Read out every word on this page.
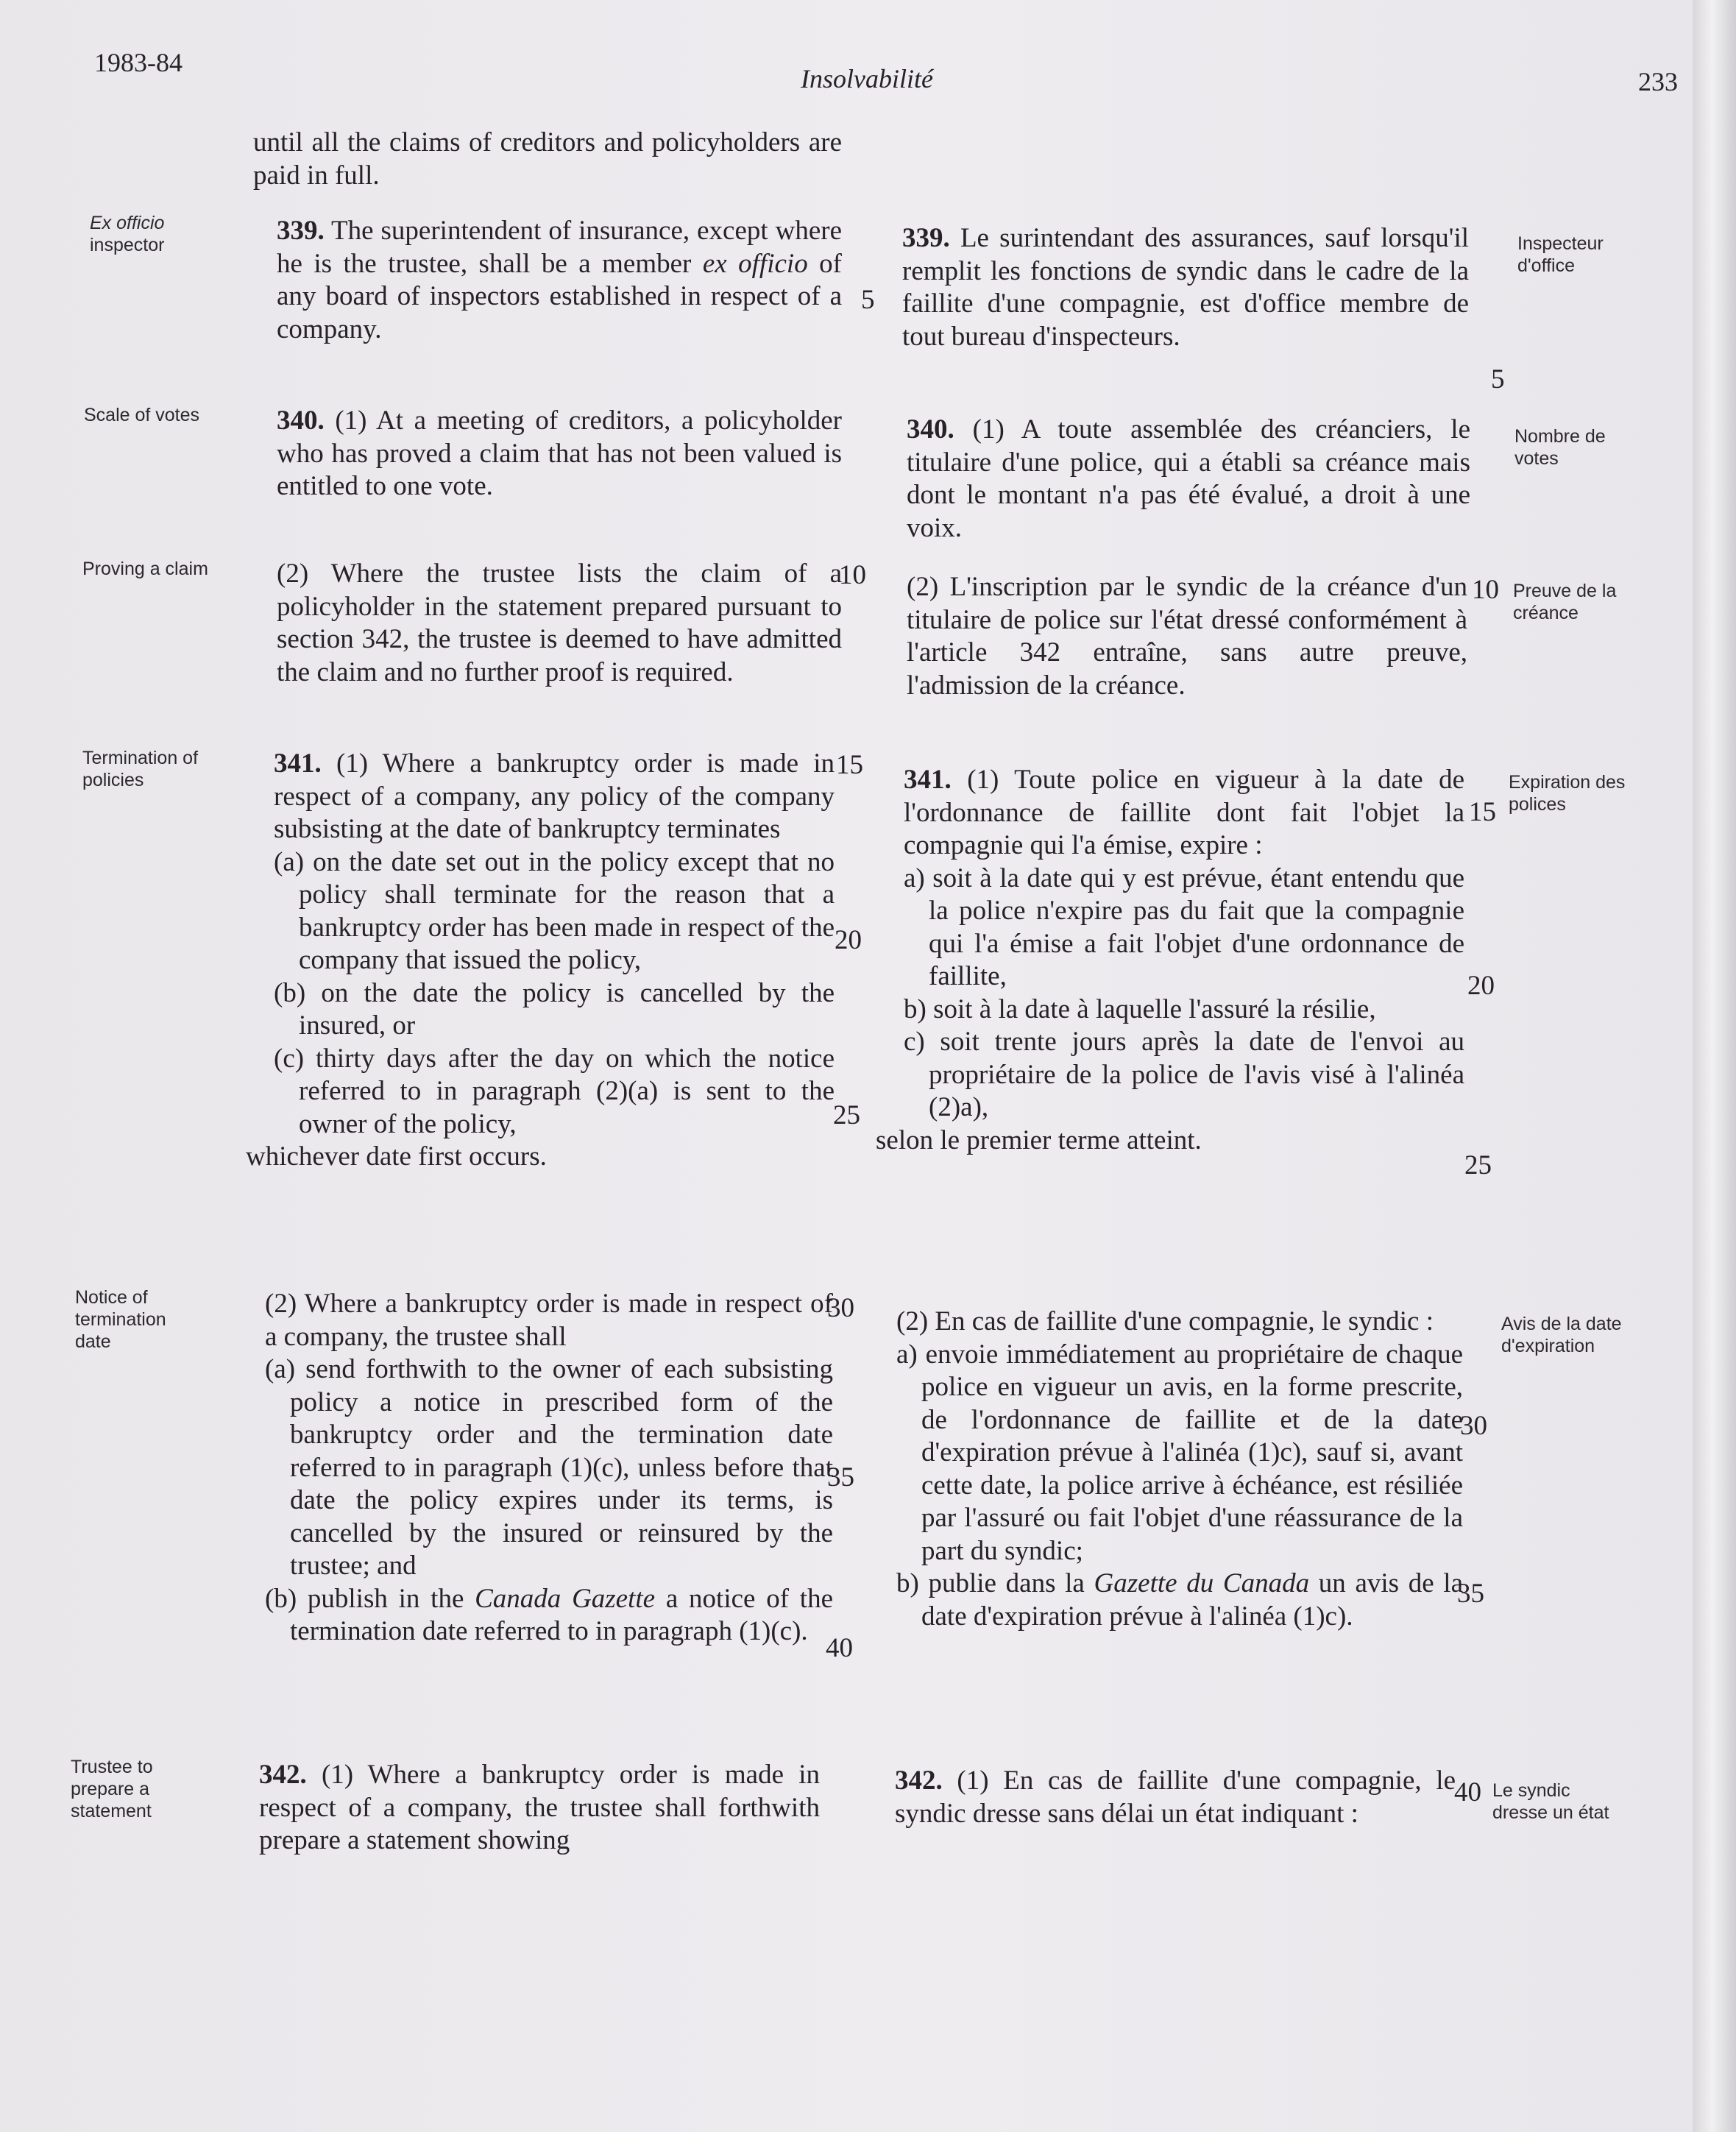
1983-84
Insolvabilité	233
Ex officio
inspector
Scale of votes
Proving a claim
Termination of
policies
Notice of
termination
date
Trustee to
prepare a
statement
Inspecteur
d'office
Nombre de
votes
Preuve de la
créance
Expiration des
polices
Avis de la date
d'expiration
Le syndic
dresse un état
until all the claims of creditors and policyholders are paid in full.

339. The superintendent of insurance, except where he is the trustee, shall be a member ex officio of any board of inspectors established in respect of a company.

340. (1) At a meeting of creditors, a policyholder who has proved a claim that has not been valued is entitled to one vote.

(2) Where the trustee lists the claim of a policyholder in the statement prepared pursuant to section 342, the trustee is deemed to have admitted the claim and no further proof is required.

341. (1) Where a bankruptcy order is made in respect of a company, any policy of the company subsisting at the date of bankruptcy terminates

(a) on the date set out in the policy except that no policy shall terminate for the reason that a bankruptcy order has been made in respect of the company that issued the policy,

(b) on the date the policy is cancelled by the insured, or

(c) thirty days after the day on which the notice referred to in paragraph (2)(a) is sent to the owner of the policy,

whichever date first occurs.

(2) Where a bankruptcy order is made in respect of a company, the trustee shall

(a) send forthwith to the owner of each subsisting policy a notice in prescribed form of the bankruptcy order and the termination date referred to in paragraph (1)(c), unless before that date the policy expires under its terms, is cancelled by the insured or reinsured by the trustee; and

(b) publish in the Canada Gazette a notice of the termination date referred to in paragraph (1)(c).

342. (1) Where a bankruptcy order is made in respect of a company, the trustee shall forthwith prepare a statement showing

5
10
15
20
25
30
35
40

339. Le surintendant des assurances, sauf lorsqu'il remplit les fonctions de syndic dans le cadre de la faillite d'une compagnie, est d'office membre de tout bureau d'inspecteurs.

340. (1) A toute assemblée des créanciers, le titulaire d'une police, qui a établi sa créance mais dont le montant n'a pas été évalué, a droit à une voix.

(2) L'inscription par le syndic de la créance d'un titulaire de police sur l'état dressé conformément à l'article 342 entraîne, sans autre preuve, l'admission de la créance.

341. (1) Toute police en vigueur à la date de l'ordonnance de faillite dont fait l'objet la compagnie qui l'a émise, expire :

a) soit à la date qui y est prévue, étant entendu que la police n'expire pas du fait que la compagnie qui l'a émise a fait l'objet d'une ordonnance de faillite,

b) soit à la date à laquelle l'assuré la résilie,

c) soit trente jours après la date de l'envoi au propriétaire de la police de l'avis visé à l'alinéa (2)a),

selon le premier terme atteint.

(2) En cas de faillite d'une compagnie, le syndic :

a) envoie immédiatement au propriétaire de chaque police en vigueur un avis, en la forme prescrite, de l'ordonnance de faillite et de la date d'expiration prévue à l'alinéa (1)c), sauf si, avant cette date, la police arrive à échéance, est résiliée par l'assuré ou fait l'objet d'une réassurance de la part du syndic;

b) publie dans la Gazette du Canada un avis de la date d'expiration prévue à l'alinéa (1)c).

342. (1) En cas de faillite d'une compagnie, le syndic dresse sans délai un état indiquant :

5
10
15
20
25
30
35
40
